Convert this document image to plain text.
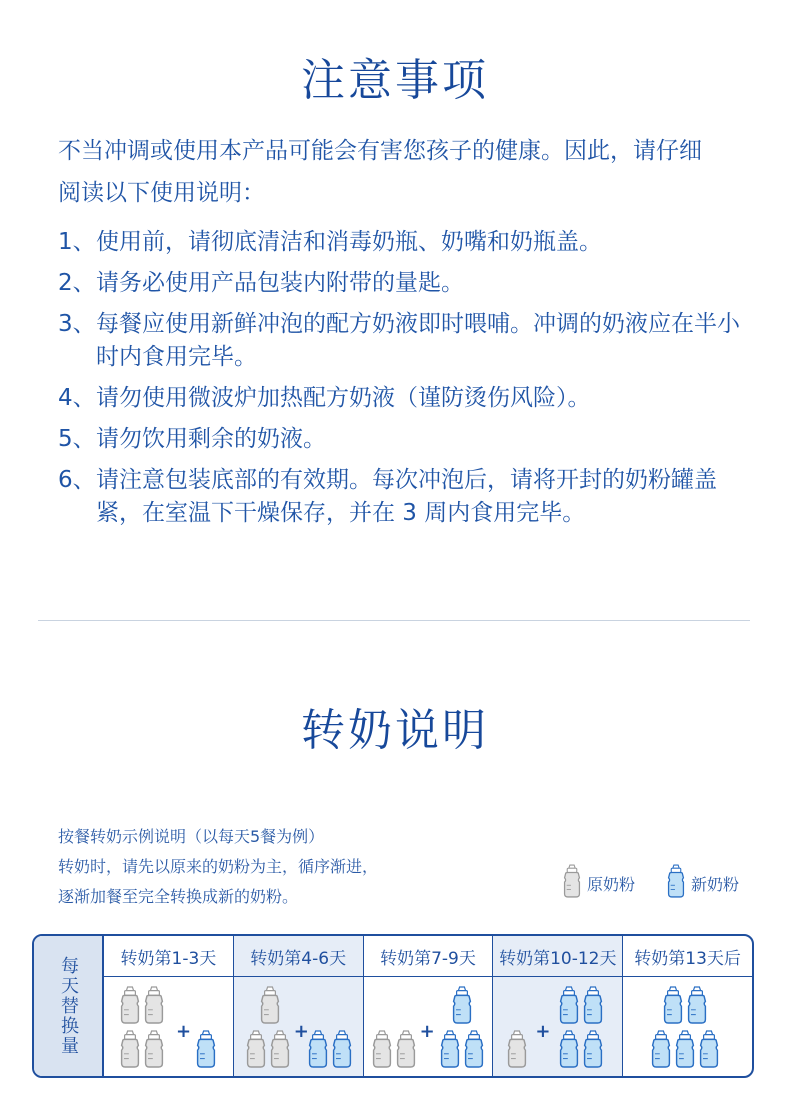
注意事项
不当冲调或使用本产品可能会有害您孩子的健康。因此，请仔细
阅读以下使用说明：
1、 使用前，请彻底清洁和消毒奶瓶、奶嘴和奶瓶盖。
2、 请务必使用产品包装内附带的量匙。
3、 每餐应使用新鲜冲泡的配方奶液即时喂哺。冲调的奶液应在半小时内食用完毕。
4、 请勿使用微波炉加热配方奶液（谨防烫伤风险）。
5、 请勿饮用剩余的奶液。
6、 请注意包装底部的有效期。每次冲泡后，请将开封的奶粉罐盖紧，在室温下干燥保存，并在 3 周内食用完毕。
转奶说明
按餐转奶示例说明（以每天5餐为例）
转奶时，请先以原来的奶粉为主，循序渐进，
逐渐加餐至完全转换成新的奶粉。
原奶粉	新奶粉
每天替换量	转奶第1-3天
+
转奶第4-6天
+
转奶第7-9天
+
转奶第10-12天
+
转奶第13天后
